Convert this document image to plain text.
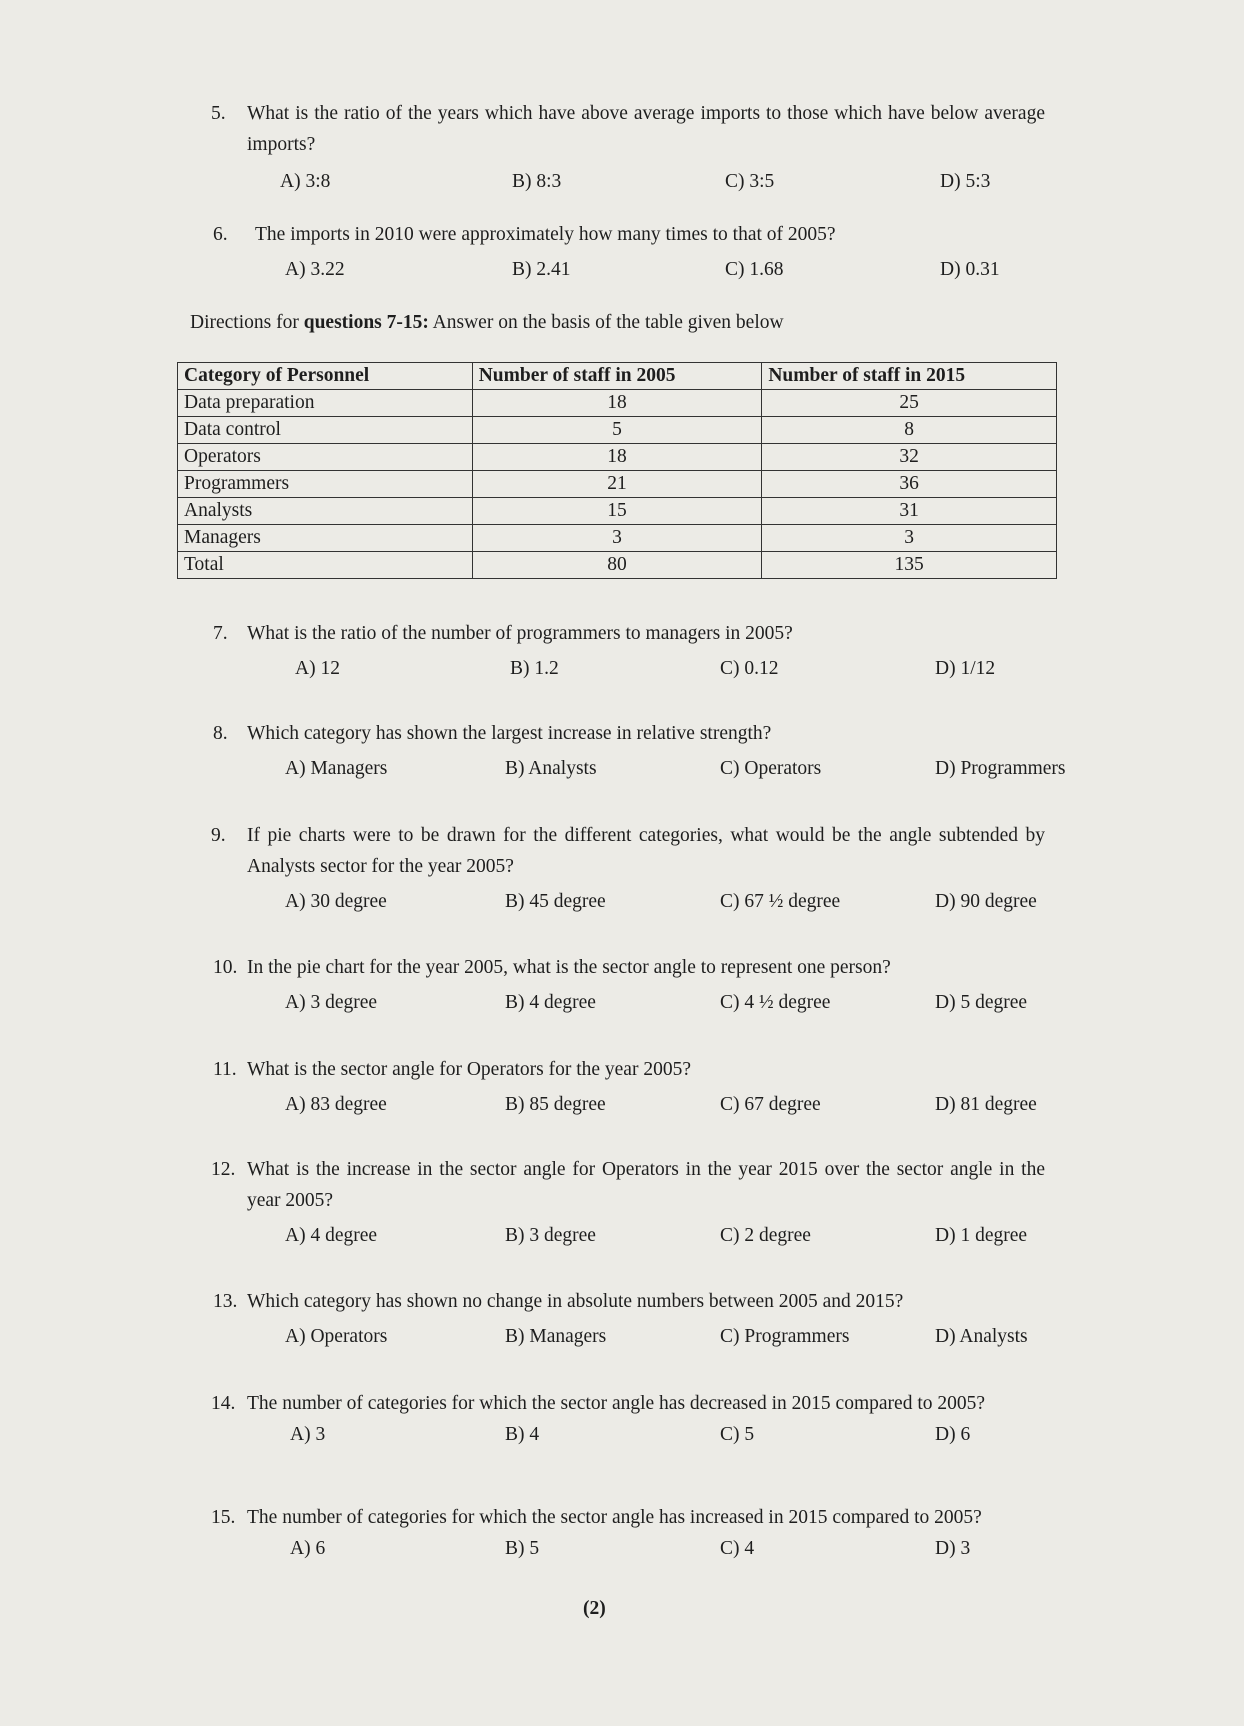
5. What is the ratio of the years which have above average imports to those which have below average imports?
A) 3:8	B) 8:3	C) 3:5	D) 5:3
6. The imports in 2010 were approximately how many times to that of 2005?
A) 3.22	B) 2.41	C) 1.68	D) 0.31
Directions for questions 7-15: Answer on the basis of the table given below
Category of Personnel	Number of staff in 2005	Number of staff in 2015
Data preparation	18	25
Data control	5	8
Operators	18	32
Programmers	21	36
Analysts	15	31
Managers	3	3
Total	80	135
7. What is the ratio of the number of programmers to managers in 2005?
A) 12	B) 1.2	C) 0.12	D) 1/12
8. Which category has shown the largest increase in relative strength?
A) Managers	B) Analysts	C) Operators	D) Programmers
9. If pie charts were to be drawn for the different categories, what would be the angle subtended by Analysts sector for the year 2005?
A) 30 degree	B) 45 degree	C) 67 ½ degree	D) 90 degree
10. In the pie chart for the year 2005, what is the sector angle to represent one person?
A) 3 degree	B) 4 degree	C) 4 ½ degree	D) 5 degree
11. What is the sector angle for Operators for the year 2005?
A) 83 degree	B) 85 degree	C) 67 degree	D) 81 degree
12. What is the increase in the sector angle for Operators in the year 2015 over the sector angle in the year 2005?
A) 4 degree	B) 3 degree	C) 2 degree	D) 1 degree
13. Which category has shown no change in absolute numbers between 2005 and 2015?
A) Operators	B) Managers	C) Programmers	D) Analysts
14. The number of categories for which the sector angle has decreased in 2015 compared to 2005?
A) 3	B) 4	C) 5	D) 6
15. The number of categories for which the sector angle has increased in 2015 compared to 2005?
A) 6	B) 5	C) 4	D) 3
(2)
